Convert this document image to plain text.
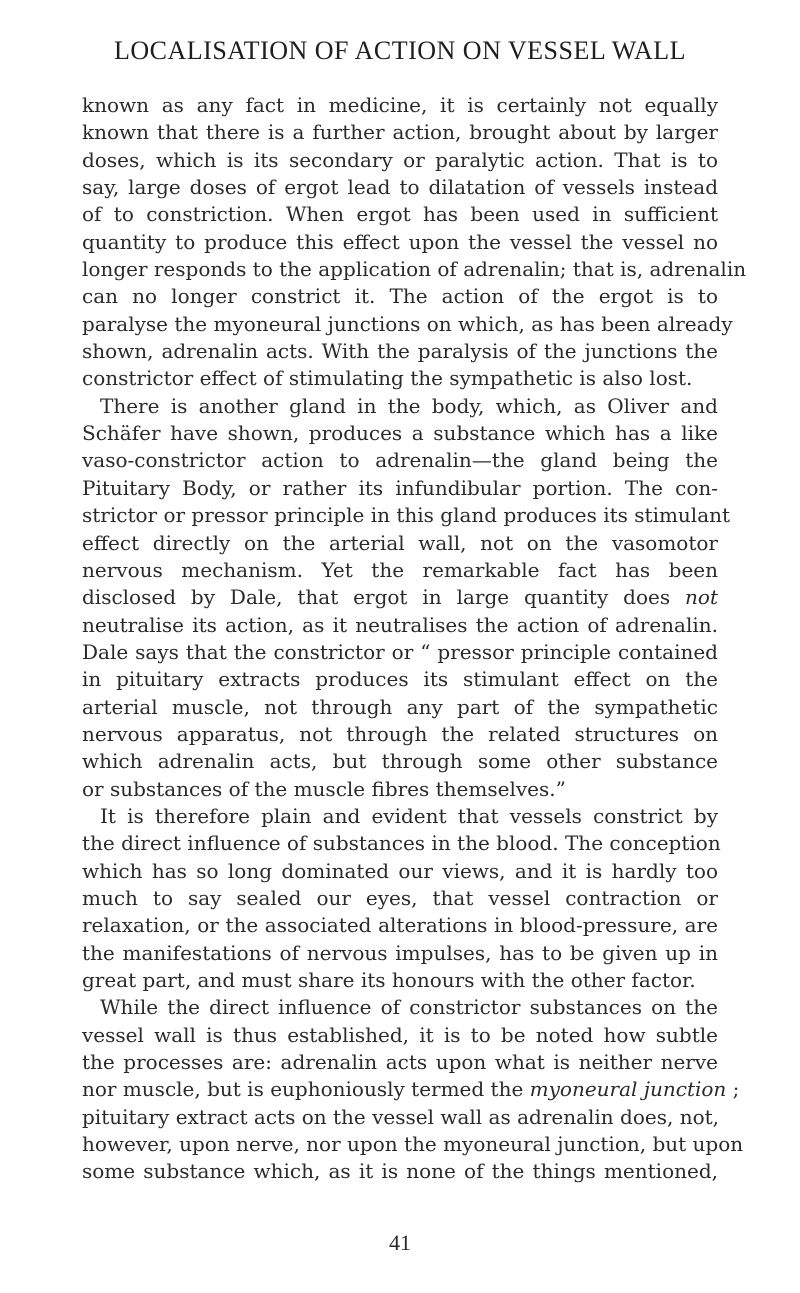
LOCALISATION OF ACTION ON VESSEL WALL
known as any fact in medicine, it is certainly not equally
known that there is a further action, brought about by larger
doses, which is its secondary or paralytic action. That is to
say, large doses of ergot lead to dilatation of vessels instead
of to constriction. When ergot has been used in sufficient
quantity to produce this effect upon the vessel the vessel no
longer responds to the application of adrenalin; that is, adrenalin
can no longer constrict it. The action of the ergot is to
paralyse the myoneural junctions on which, as has been already
shown, adrenalin acts. With the paralysis of the junctions the
constrictor effect of stimulating the sympathetic is also lost.
There is another gland in the body, which, as Oliver and
Schäfer have shown, produces a substance which has a like
vaso-constrictor action to adrenalin—the gland being the
Pituitary Body, or rather its infundibular portion. The con-
strictor or pressor principle in this gland produces its stimulant
effect directly on the arterial wall, not on the vasomotor
nervous mechanism. Yet the remarkable fact has been
disclosed by Dale, that ergot in large quantity does not
neutralise its action, as it neutralises the action of adrenalin.
Dale says that the constrictor or “ pressor principle contained
in pituitary extracts produces its stimulant effect on the
arterial muscle, not through any part of the sympathetic
nervous apparatus, not through the related structures on
which adrenalin acts, but through some other substance
or substances of the muscle fibres themselves.”
It is therefore plain and evident that vessels constrict by
the direct influence of substances in the blood. The conception
which has so long dominated our views, and it is hardly too
much to say sealed our eyes, that vessel contraction or
relaxation, or the associated alterations in blood-pressure, are
the manifestations of nervous impulses, has to be given up in
great part, and must share its honours with the other factor.
While the direct influence of constrictor substances on the
vessel wall is thus established, it is to be noted how subtle
the processes are: adrenalin acts upon what is neither nerve
nor muscle, but is euphoniously termed the myoneural junction ;
pituitary extract acts on the vessel wall as adrenalin does, not,
however, upon nerve, nor upon the myoneural junction, but upon
some substance which, as it is none of the things mentioned,
41
